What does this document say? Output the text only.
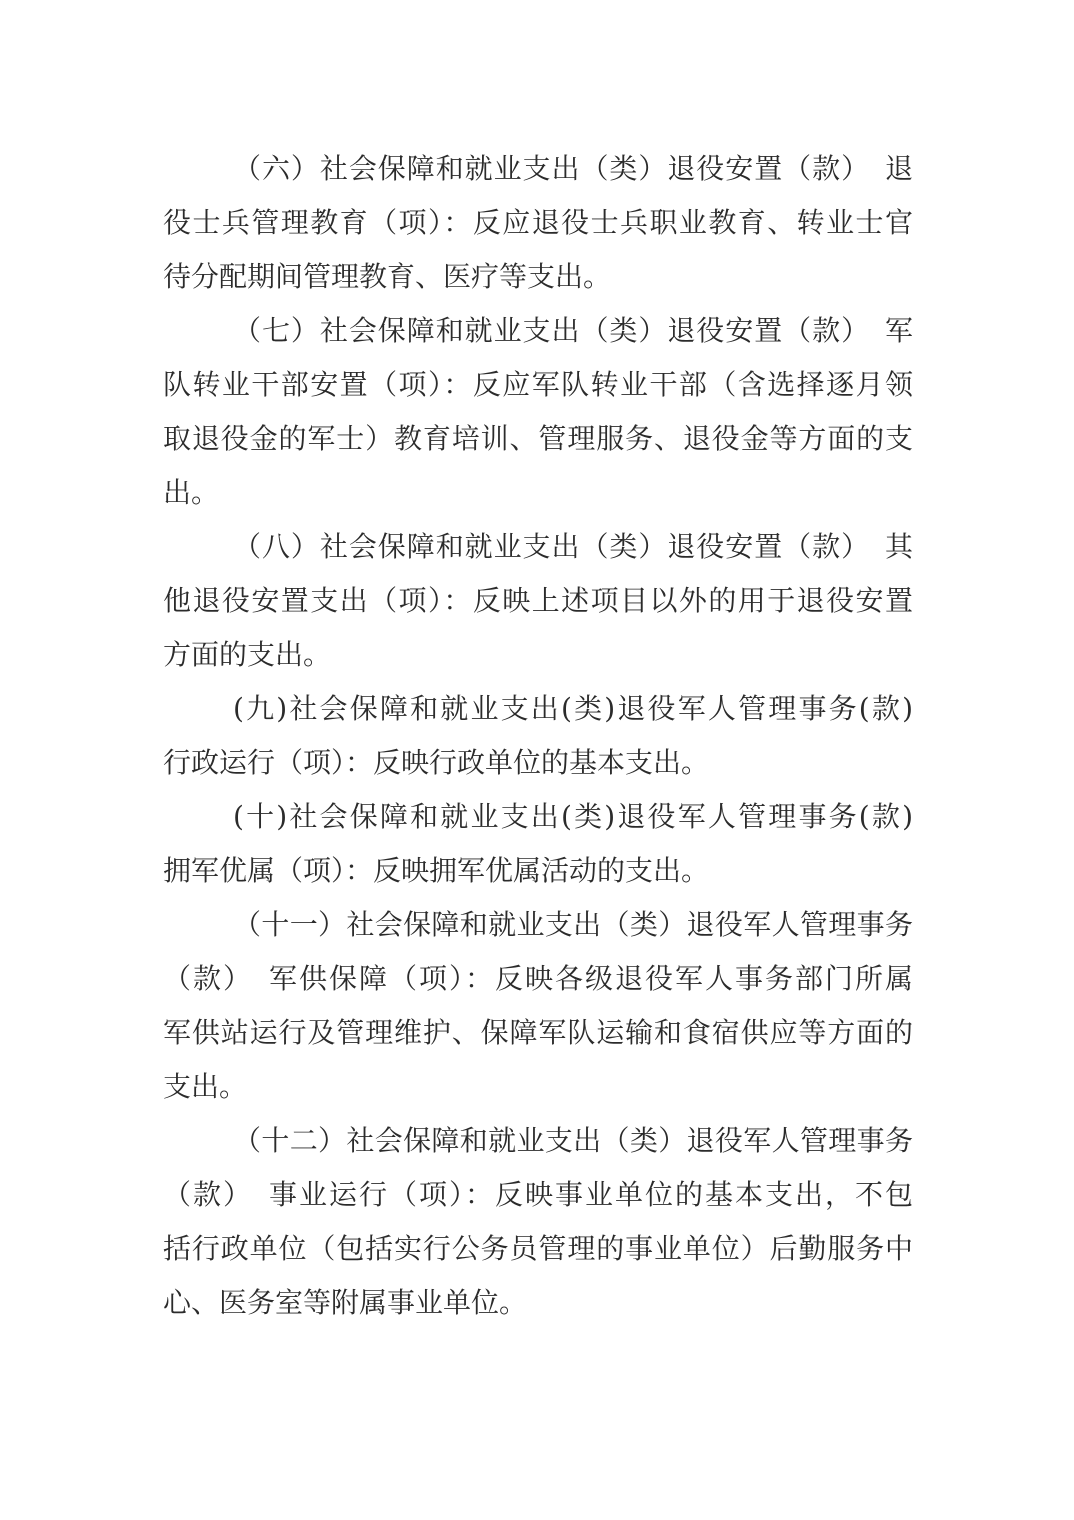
（六）社会保障和就业支出（类）退役安置（款）　退
役士兵管理教育（项）：反应退役士兵职业教育、转业士官
待分配期间管理教育、医疗等支出。
（七）社会保障和就业支出（类）退役安置（款）　军
队转业干部安置（项）：反应军队转业干部（含选择逐月领
取退役金的军士）教育培训、管理服务、退役金等方面的支
出。
（八）社会保障和就业支出（类）退役安置（款）　其
他退役安置支出（项）：反映上述项目以外的用于退役安置
方面的支出。
(九)社会保障和就业支出(类)退役军人管理事务(款)
行政运行（项）：反映行政单位的基本支出。
(十)社会保障和就业支出(类)退役军人管理事务(款)
拥军优属（项）：反映拥军优属活动的支出。
（十一）社会保障和就业支出（类）退役军人管理事务
（款）　军供保障（项）：反映各级退役军人事务部门所属
军供站运行及管理维护、保障军队运输和食宿供应等方面的
支出。
（十二）社会保障和就业支出（类）退役军人管理事务
（款）　事业运行（项）：反映事业单位的基本支出，不包
括行政单位（包括实行公务员管理的事业单位）后勤服务中
心、医务室等附属事业单位。
